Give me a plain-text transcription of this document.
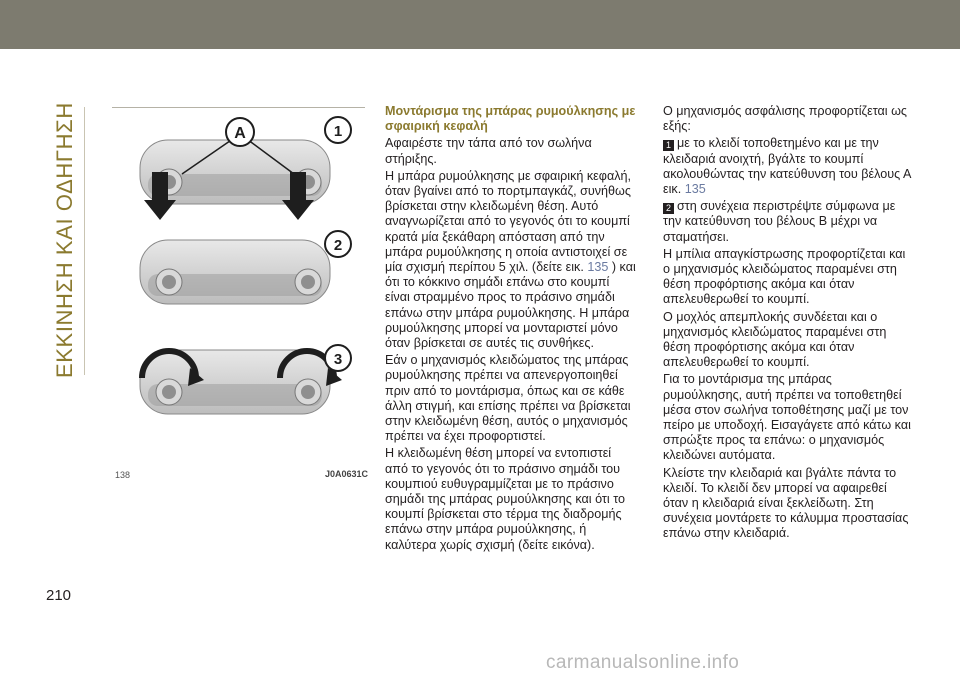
ΕΚΚΙΝΗΣΗ ΚΑΙ ΟΔΗΓΗΣΗ	A	1
2
3
138	J0A0631C

Μοντάρισμα της μπάρας ρυμούλκησης με σφαιρική κεφαλή

Αφαιρέστε την τάπα από τον σωλήνα στήριξης.

Η μπάρα ρυμούλκησης με σφαιρική κεφαλή, όταν βγαίνει από το πορτμπαγκάζ, συνήθως βρίσκεται στην κλειδωμένη θέση. Αυτό αναγνωρίζεται από το γεγονός ότι το κουμπί κρατά μία ξεκάθαρη απόσταση από την μπάρα ρυμούλκησης η οποία αντιστοιχεί σε μία σχισμή περίπου 5 χιλ. (δείτε εικ. 135 ) και ότι το κόκκινο σημάδι επάνω στο κουμπί είναι στραμμένο προς το πράσινο σημάδι επάνω στην μπάρα ρυμούλκησης. Η μπάρα ρυμούλκησης μπορεί να μονταριστεί μόνο όταν βρίσκεται σε αυτές τις συνθήκες.

Εάν ο μηχανισμός κλειδώματος της μπάρας ρυμούλκησης πρέπει να απενεργοποιηθεί πριν από το μοντάρισμα, όπως και σε κάθε άλλη στιγμή, και επίσης πρέπει να βρίσκεται στην κλειδωμένη θέση, αυτός ο μηχανισμός πρέπει να έχει προφορτιστεί.

Η κλειδωμένη θέση μπορεί να εντοπιστεί από το γεγονός ότι το πράσινο σημάδι του κουμπιού ευθυγραμμίζεται με το πράσινο σημάδι της μπάρας ρυμούλκησης και ότι το κουμπί βρίσκεται στο τέρμα της διαδρομής επάνω στην μπάρα ρυμούλκησης, ή καλύτερα χωρίς σχισμή (δείτε εικόνα).

Ο μηχανισμός ασφάλισης προφορτίζεται ως εξής:

1 με το κλειδί τοποθετημένο και με την κλειδαριά ανοιχτή, βγάλτε το κουμπί ακολουθώντας την κατεύθυνση του βέλους Α εικ. 135

2 στη συνέχεια περιστρέψτε σύμφωνα με την κατεύθυνση του βέλους Β μέχρι να σταματήσει.

Η μπίλια απαγκίστρωσης προφορτίζεται και ο μηχανισμός κλειδώματος παραμένει στη θέση προφόρτισης ακόμα και όταν απελευθερωθεί το κουμπί.

Ο μοχλός απεμπλοκής συνδέεται και ο μηχανισμός κλειδώματος παραμένει στη θέση προφόρτισης ακόμα και όταν απελευθερωθεί το κουμπί.

Για το μοντάρισμα της μπάρας ρυμούλκησης, αυτή πρέπει να τοποθετηθεί μέσα στον σωλήνα τοποθέτησης μαζί με τον πείρο με υποδοχή. Εισαγάγετε από κάτω και σπρώξτε προς τα επάνω: ο μηχανισμός κλειδώνει αυτόματα.

Κλείστε την κλειδαριά και βγάλτε πάντα το κλειδί. Το κλειδί δεν μπορεί να αφαιρεθεί όταν η κλειδαριά είναι ξεκλείδωτη. Στη συνέχεια μοντάρετε το κάλυμμα προστασίας επάνω στην κλειδαριά.

210
carmanualsonline.info
